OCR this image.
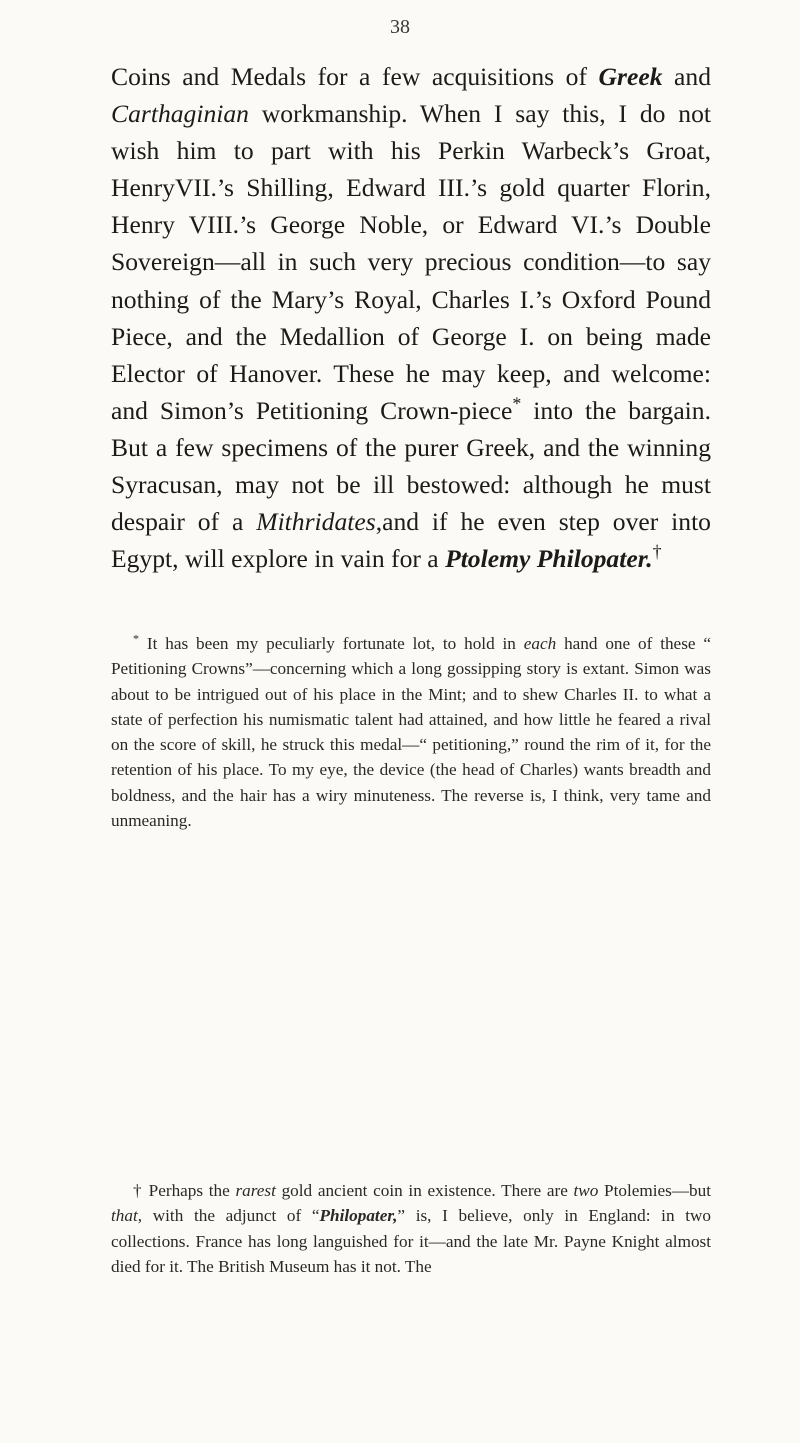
38

Coins and Medals for a few acquisitions of Greek and Carthaginian workmanship. When I say this, I do not wish him to part with his Perkin Warbeck’s Groat, HenryVII.’s Shilling, Edward III.’s gold quarter Florin, Henry VIII.’s George Noble, or Edward VI.’s Double Sovereign—all in such very precious condition—to say nothing of the Mary’s Royal, Charles I.’s Oxford Pound Piece, and the Medallion of George I. on being made Elector of Hanover. These he may keep, and welcome: and Simon’s Petitioning Crown-piece* into the bargain. But a few specimens of the purer Greek, and the winning Syracusan, may not be ill bestowed: although he must despair of a Mithridates,and if he even step over into Egypt, will explore in vain for a Ptolemy Philopater.†

* It has been my peculiarly fortunate lot, to hold in each hand one of these “ Petitioning Crowns”—concerning which a long gossipping story is extant. Simon was about to be intrigued out of his place in the Mint; and to shew Charles II. to what a state of perfection his numismatic talent had attained, and how little he feared a rival on the score of skill, he struck this medal—“ petitioning,” round the rim of it, for the retention of his place. To my eye, the device (the head of Charles) wants breadth and boldness, and the hair has a wiry minuteness. The reverse is, I think, very tame and unmeaning.

† Perhaps the rarest gold ancient coin in existence. There are two Ptolemies—but that, with the adjunct of “Philopater,” is, I believe, only in England: in two collections. France has long languished for it—and the late Mr. Payne Knight almost died for it. The British Museum has it not. The
